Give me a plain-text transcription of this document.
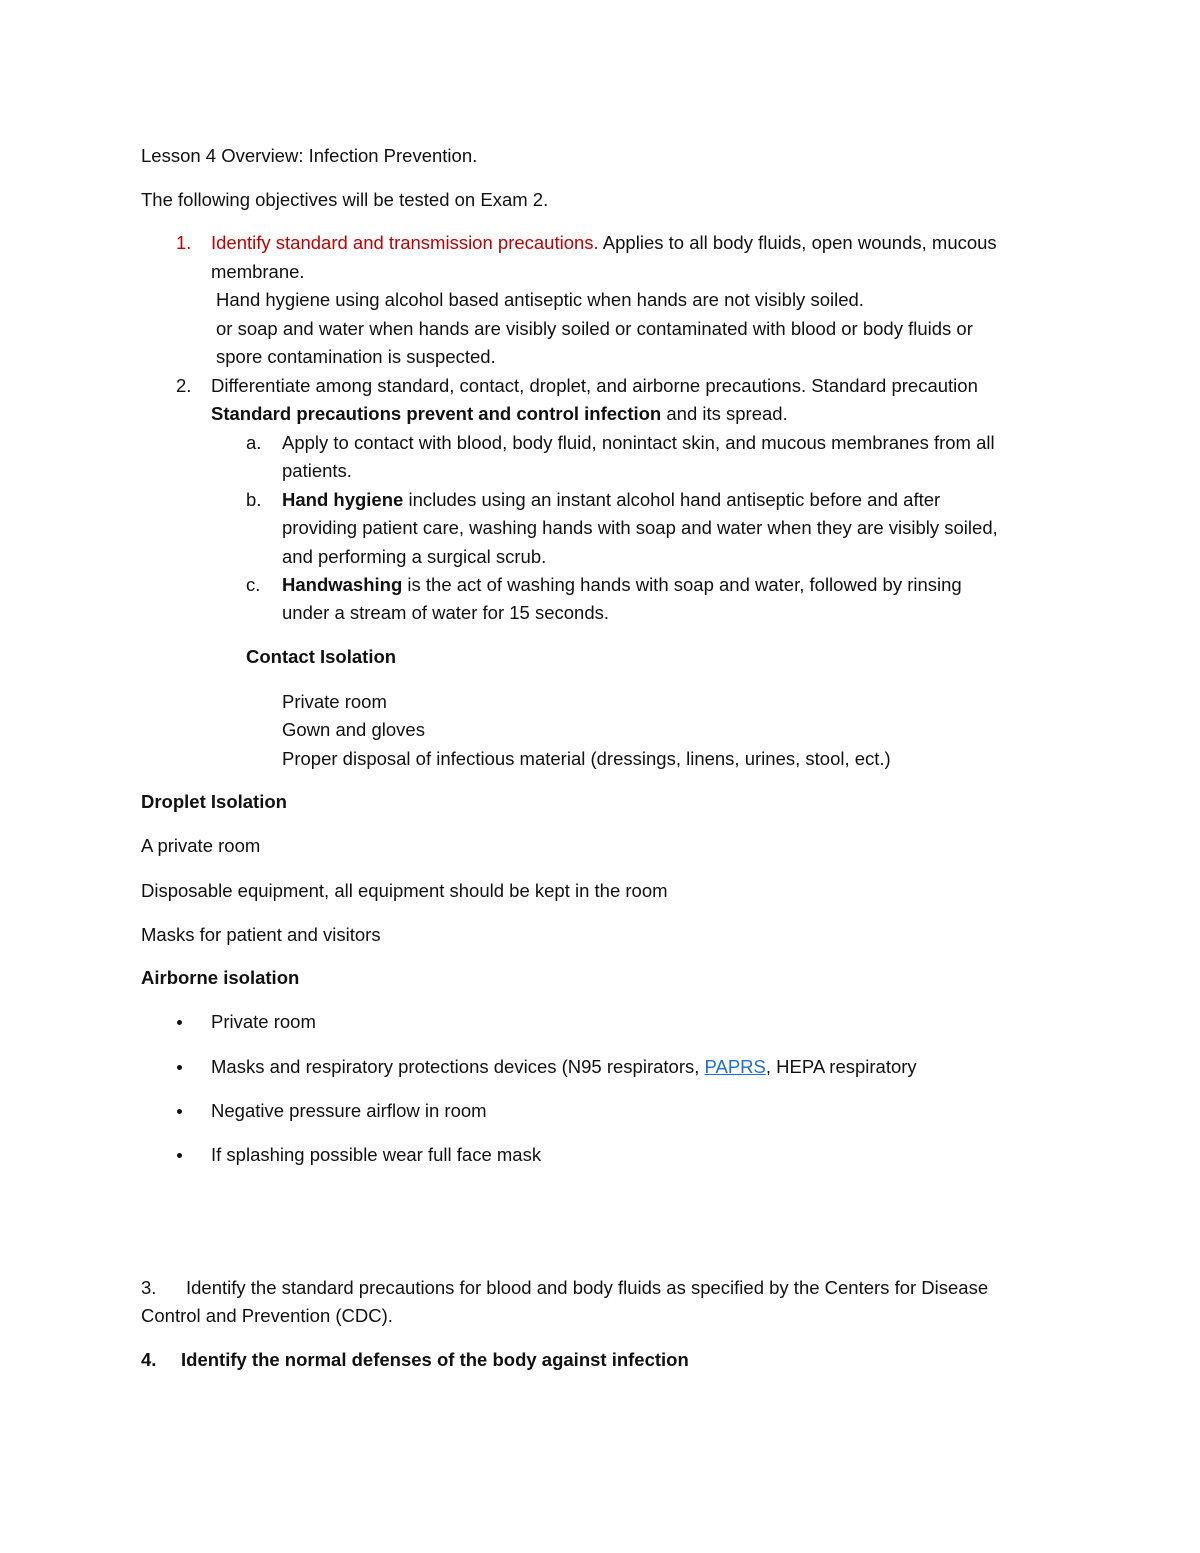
Lesson 4 Overview: Infection Prevention.
The following objectives will be tested on Exam 2.
1. Identify standard and transmission precautions. Applies to all body fluids, open wounds, mucous
membrane.
Hand hygiene using alcohol based antiseptic when hands are not visibly soiled.
or soap and water when hands are visibly soiled or contaminated with blood or body fluids or
spore contamination is suspected.
2. Differentiate among standard, contact, droplet, and airborne precautions. Standard precaution
Standard precautions prevent and control infection and its spread.
a. Apply to contact with blood, body fluid, nonintact skin, and mucous membranes from all
patients.
b. Hand hygiene includes using an instant alcohol hand antiseptic before and after
providing patient care, washing hands with soap and water when they are visibly soiled,
and performing a surgical scrub.
c. Handwashing is the act of washing hands with soap and water, followed by rinsing
under a stream of water for 15 seconds.
Contact Isolation
Private room
Gown and gloves
Proper disposal of infectious material (dressings, linens, urines, stool, ect.)
Droplet Isolation
A private room
Disposable equipment, all equipment should be kept in the room
Masks for patient and visitors
Airborne isolation
Private room
Masks and respiratory protections devices (N95 respirators, PAPRS, HEPA respiratory
Negative pressure airflow in room
If splashing possible wear full face mask
3. Identify the standard precautions for blood and body fluids as specified by the Centers for Disease
Control and Prevention (CDC).
4. Identify the normal defenses of the body against infection
